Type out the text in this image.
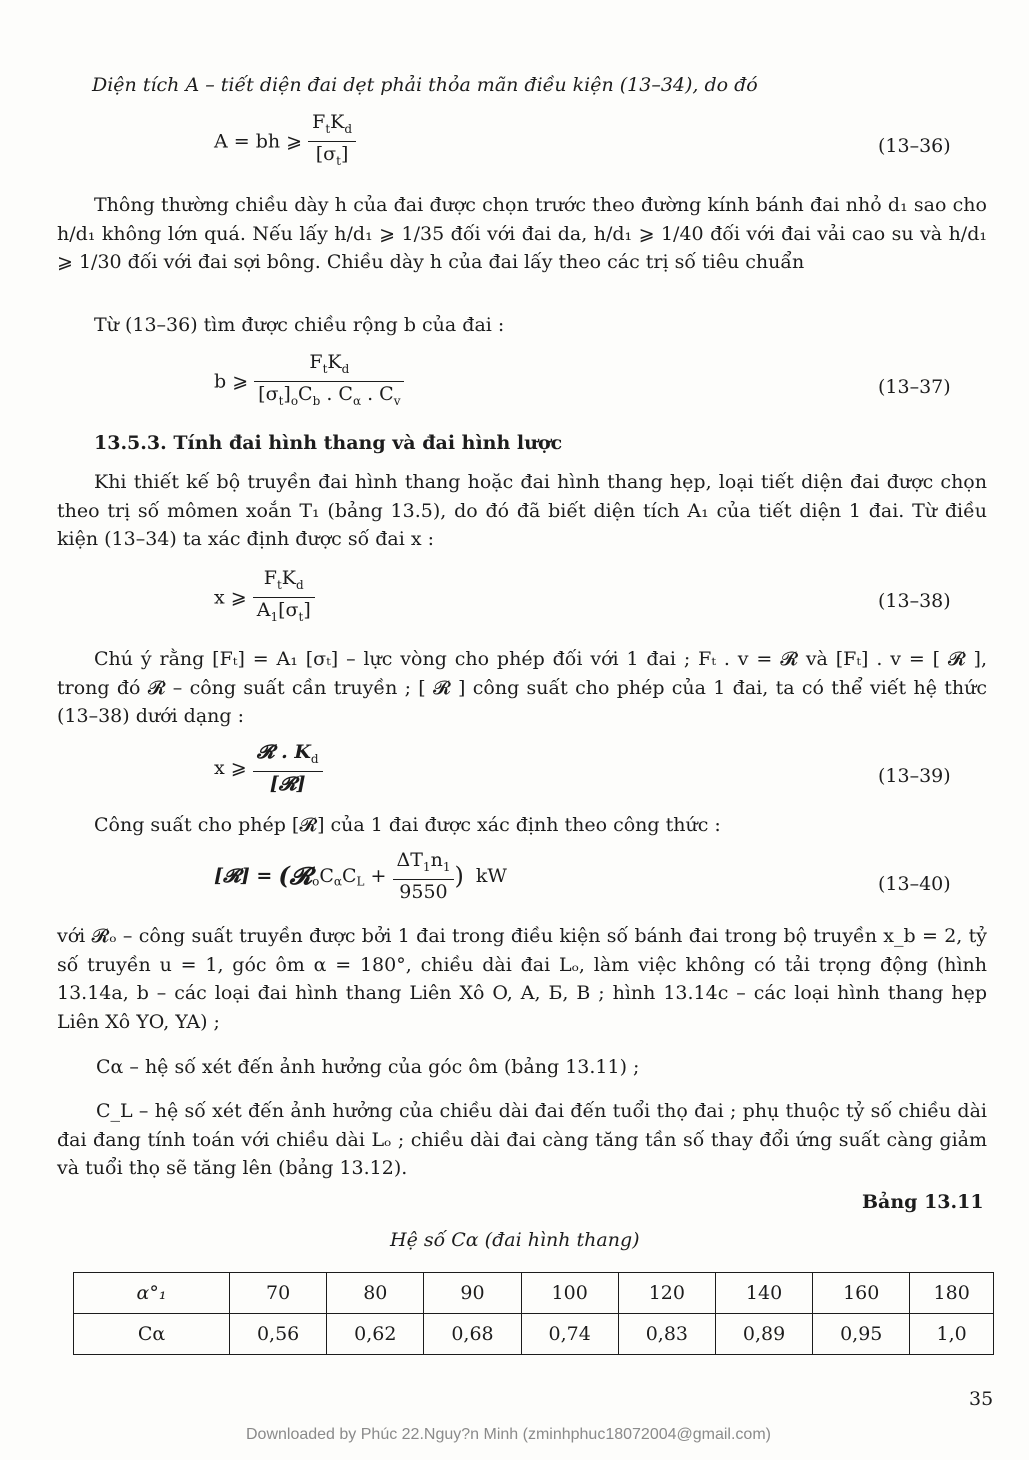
Diện tích A – tiết diện đai dẹt phải thỏa mãn điều kiện (13–34), do đó
A = bh ⩾ $\frac{F_tK_d}{[\sigma_t]}$	(13–36)
Thông thường chiều dày h của đai được chọn trước theo đường kính bánh đai nhỏ d₁ sao cho h/d₁ không lớn quá. Nếu lấy h/d₁ ⩾ 1/35 đối với đai da, h/d₁ ⩾ 1/40 đối với đai vải cao su và h/d₁ ⩾ 1/30 đối với đai sợi bông. Chiều dày h của đai lấy theo các trị số tiêu chuẩn
Từ (13–36) tìm được chiều rộng b của đai :
b ⩾ $\frac{F_tK_d}{[\sigma_t]_oC_b . C_\alpha . C_v}$	(13–37)
13.5.3. Tính đai hình thang và đai hình lược
Khi thiết kế bộ truyền đai hình thang hoặc đai hình thang hẹp, loại tiết diện đai được chọn theo trị số mômen xoắn T₁ (bảng 13.5), do đó đã biết diện tích A₁ của tiết diện 1 đai. Từ điều kiện (13–34) ta xác định được số đai x :
x ⩾ $\frac{F_tK_d}{A_1[\sigma_t]}$	(13–38)
Chú ý rằng [Fₜ] = A₁ [σₜ] – lực vòng cho phép đối với 1 đai ; Fₜ . v = 𝓡 và [Fₜ] . v = [ 𝓡 ], trong đó 𝓡 – công suất cần truyền ; [ 𝓡 ] công suất cho phép của 1 đai, ta có thể viết hệ thức (13–38) dưới dạng :
x ⩾ $\frac{𝓡 . K_d}{\text{[𝓡]}}$	(13–39)
Công suất cho phép [𝓡] của 1 đai được xác định theo công thức :
[𝓡] = ($𝓡_oC_\alpha C_L + \frac{\Delta T_1n_1}{9550}$ ) kW	(13–40)
với 𝓡ₒ – công suất truyền được bởi 1 đai trong điều kiện số bánh đai trong bộ truyền x_b = 2, tỷ số truyền u = 1, góc ôm α = 180°, chiều dài đai Lₒ, làm việc không có tải trọng động (hình 13.14a, b – các loại đai hình thang Liên Xô O, A, Б, B ; hình 13.14c – các loại hình thang hẹp Liên Xô YO, YA) ;
Cα – hệ số xét đến ảnh hưởng của góc ôm (bảng 13.11) ;
C_L – hệ số xét đến ảnh hưởng của chiều dài đai đến tuổi thọ đai ; phụ thuộc tỷ số chiều dài đai đang tính toán với chiều dài Lₒ ; chiều dài đai càng tăng tần số thay đổi ứng suất càng giảm và tuổi thọ sẽ tăng lên (bảng 13.12).
Bảng 13.11
Hệ số Cα (đai hình thang)
α°₁	70	80	90	100	120	140	160	180
Cα	0,56	0,62	0,68	0,74	0,83	0,89	0,95	1,0
35
Downloaded by Phúc 22.Nguy?n Minh (zminhphuc18072004@gmail.com)
